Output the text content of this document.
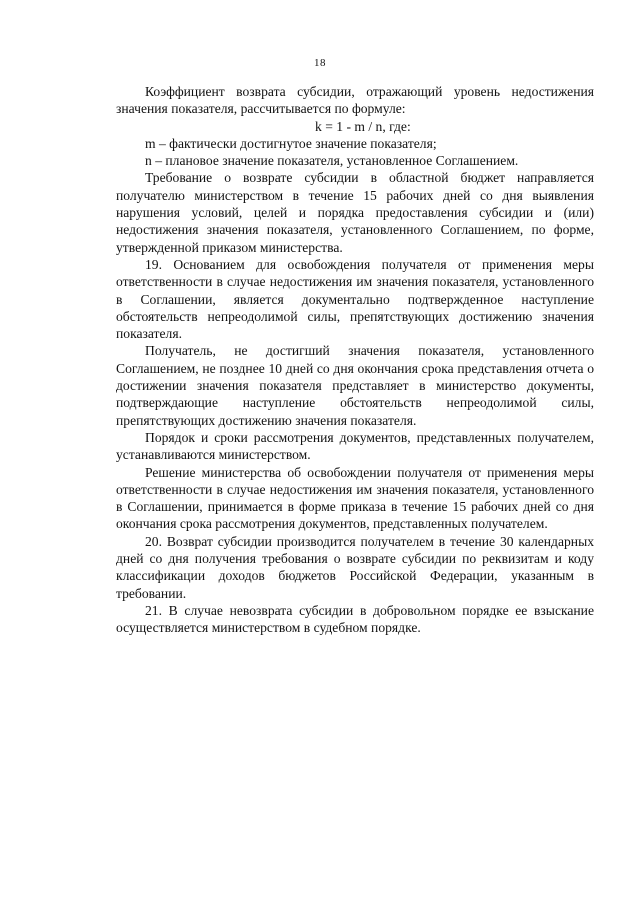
18

Коэффициент возврата субсидии, отражающий уровень недостижения значения показателя, рассчитывается по формуле:

k = 1 - m / n, где:

m – фактически достигнутое значение показателя;

n – плановое значение показателя, установленное Соглашением.

Требование о возврате субсидии в областной бюджет направляется получателю министерством в течение 15 рабочих дней со дня выявления нарушения условий, целей и порядка предоставления субсидии и (или) недостижения значения показателя, установленного Соглашением, по форме, утвержденной приказом министерства.

19. Основанием для освобождения получателя от применения меры ответственности в случае недостижения им значения показателя, установленного в Соглашении, является документально подтвержденное наступление обстоятельств непреодолимой силы, препятствующих достижению значения показателя.

Получатель, не достигший значения показателя, установленного Соглашением, не позднее 10 дней со дня окончания срока представления отчета о достижении значения показателя представляет в министерство документы, подтверждающие наступление обстоятельств непреодолимой силы, препятствующих достижению значения показателя.

Порядок и сроки рассмотрения документов, представленных получателем, устанавливаются министерством.

Решение министерства об освобождении получателя от применения меры ответственности в случае недостижения им значения показателя, установленного в Соглашении, принимается в форме приказа в течение 15 рабочих дней со дня окончания срока рассмотрения документов, представленных получателем.

20. Возврат субсидии производится получателем в течение 30 календарных дней со дня получения требования о возврате субсидии по реквизитам и коду классификации доходов бюджетов Российской Федерации, указанным в требовании.

21. В случае невозврата субсидии в добровольном порядке ее взыскание осуществляется министерством в судебном порядке.
